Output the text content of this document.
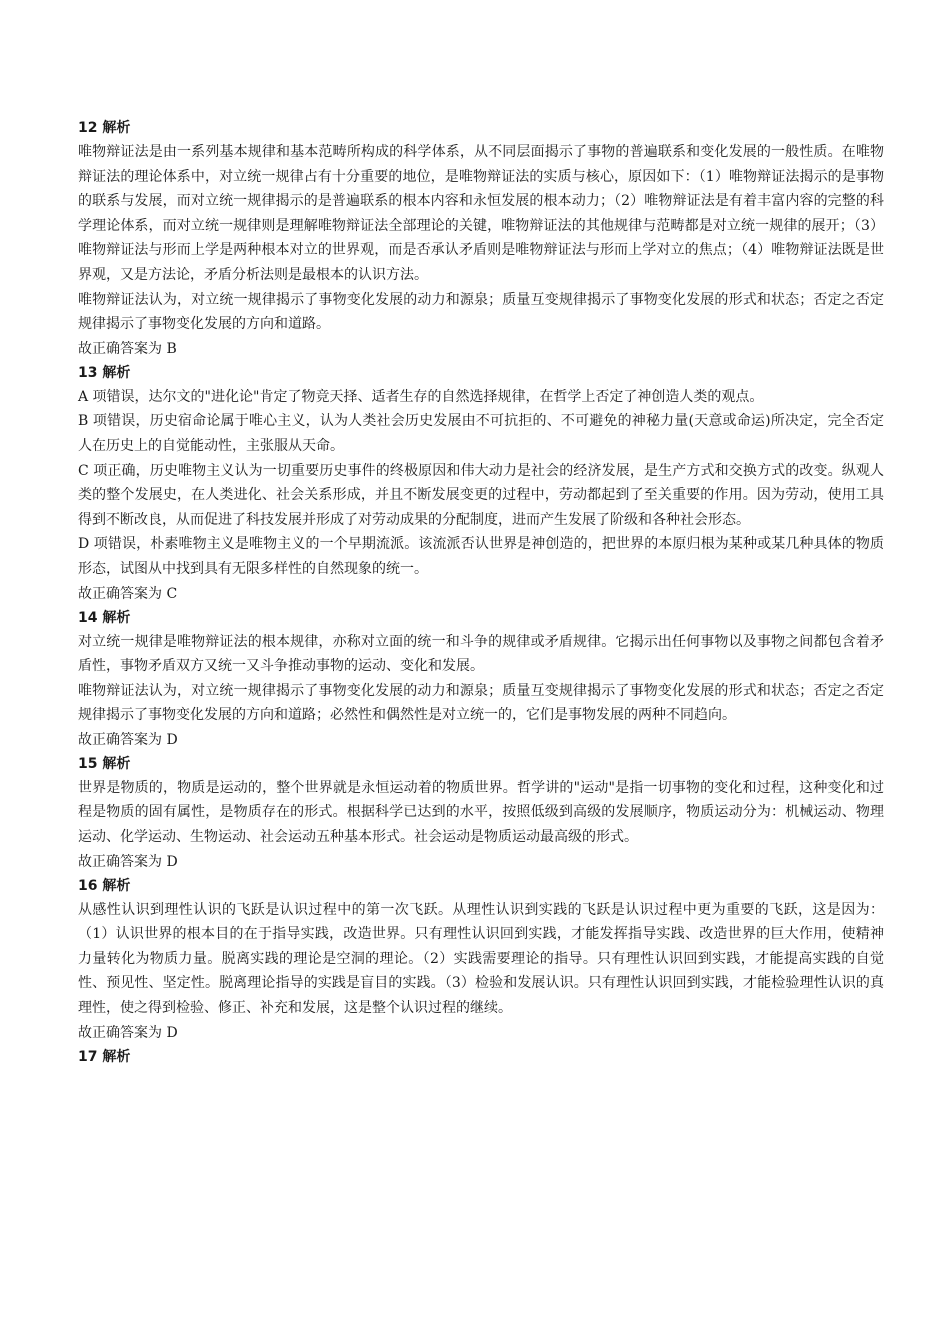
12 解析

唯物辩证法是由一系列基本规律和基本范畴所构成的科学体系，从不同层面揭示了事物的普遍联系和变化发展的一般性质。在唯物辩证法的理论体系中，对立统一规律占有十分重要的地位，是唯物辩证法的实质与核心，原因如下：（1）唯物辩证法揭示的是事物的联系与发展，而对立统一规律揭示的是普遍联系的根本内容和永恒发展的根本动力；（2）唯物辩证法是有着丰富内容的完整的科学理论体系，而对立统一规律则是理解唯物辩证法全部理论的关键，唯物辩证法的其他规律与范畴都是对立统一规律的展开；（3）唯物辩证法与形而上学是两种根本对立的世界观，而是否承认矛盾则是唯物辩证法与形而上学对立的焦点；（4）唯物辩证法既是世界观，又是方法论，矛盾分析法则是最根本的认识方法。

唯物辩证法认为，对立统一规律揭示了事物变化发展的动力和源泉；质量互变规律揭示了事物变化发展的形式和状态；否定之否定规律揭示了事物变化发展的方向和道路。

故正确答案为 B
13 解析

A 项错误，达尔文的"进化论"肯定了物竞天择、适者生存的自然选择规律，在哲学上否定了神创造人类的观点。

B 项错误，历史宿命论属于唯心主义，认为人类社会历史发展由不可抗拒的、不可避免的神秘力量(天意或命运)所决定，完全否定人在历史上的自觉能动性，主张服从天命。

C 项正确，历史唯物主义认为一切重要历史事件的终极原因和伟大动力是社会的经济发展，是生产方式和交换方式的改变。纵观人类的整个发展史，在人类进化、社会关系形成，并且不断发展变更的过程中，劳动都起到了至关重要的作用。因为劳动，使用工具得到不断改良，从而促进了科技发展并形成了对劳动成果的分配制度，进而产生发展了阶级和各种社会形态。

D 项错误，朴素唯物主义是唯物主义的一个早期流派。该流派否认世界是神创造的，把世界的本原归根为某种或某几种具体的物质形态，试图从中找到具有无限多样性的自然现象的统一。

故正确答案为 C
14 解析

对立统一规律是唯物辩证法的根本规律，亦称对立面的统一和斗争的规律或矛盾规律。它揭示出任何事物以及事物之间都包含着矛盾性，事物矛盾双方又统一又斗争推动事物的运动、变化和发展。

唯物辩证法认为，对立统一规律揭示了事物变化发展的动力和源泉；质量互变规律揭示了事物变化发展的形式和状态；否定之否定规律揭示了事物变化发展的方向和道路；必然性和偶然性是对立统一的，它们是事物发展的两种不同趋向。

故正确答案为 D
15 解析

世界是物质的，物质是运动的，整个世界就是永恒运动着的物质世界。哲学讲的"运动"是指一切事物的变化和过程，这种变化和过程是物质的固有属性，是物质存在的形式。根据科学已达到的水平，按照低级到高级的发展顺序，物质运动分为：机械运动、物理运动、化学运动、生物运动、社会运动五种基本形式。社会运动是物质运动最高级的形式。

故正确答案为 D
16 解析

从感性认识到理性认识的飞跃是认识过程中的第一次飞跃。从理性认识到实践的飞跃是认识过程中更为重要的飞跃，这是因为：（1）认识世界的根本目的在于指导实践，改造世界。只有理性认识回到实践，才能发挥指导实践、改造世界的巨大作用，使精神力量转化为物质力量。脱离实践的理论是空洞的理论。（2）实践需要理论的指导。只有理性认识回到实践，才能提高实践的自觉性、预见性、坚定性。脱离理论指导的实践是盲目的实践。（3）检验和发展认识。只有理性认识回到实践，才能检验理性认识的真理性，使之得到检验、修正、补充和发展，这是整个认识过程的继续。

故正确答案为 D
17 解析
